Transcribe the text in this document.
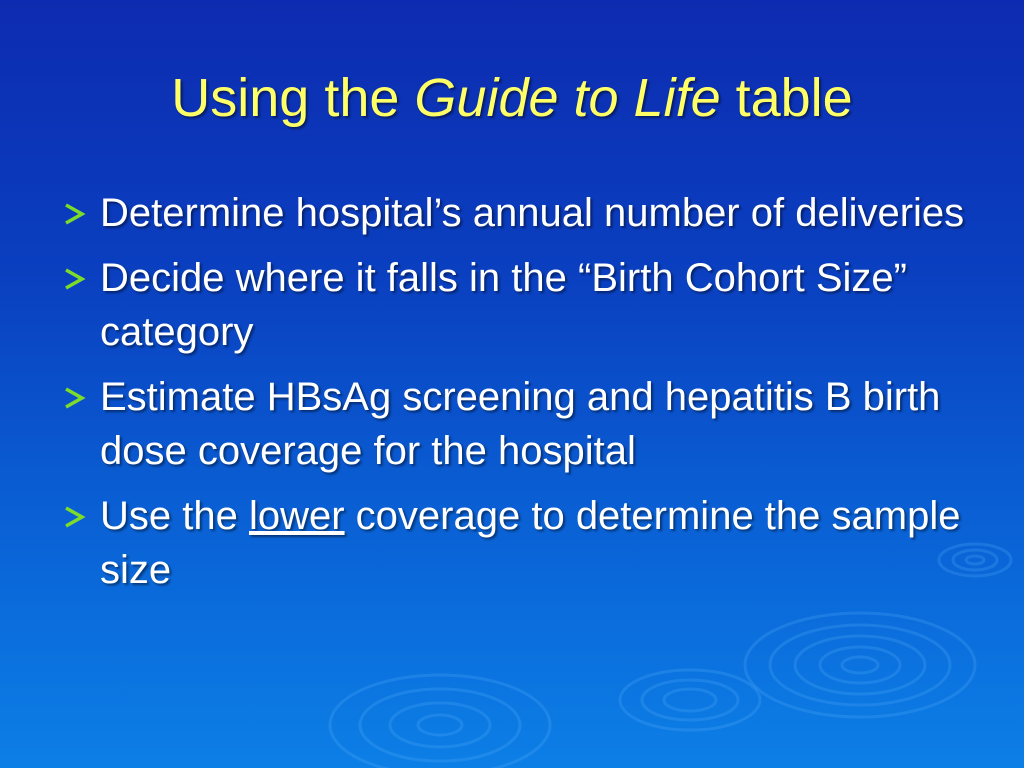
Using the Guide to Life table
Determine hospital’s annual number of deliveries
Decide where it falls in the “Birth Cohort Size” category
Estimate HBsAg screening and hepatitis B birth dose coverage for the hospital
Use the lower coverage to determine the sample size
